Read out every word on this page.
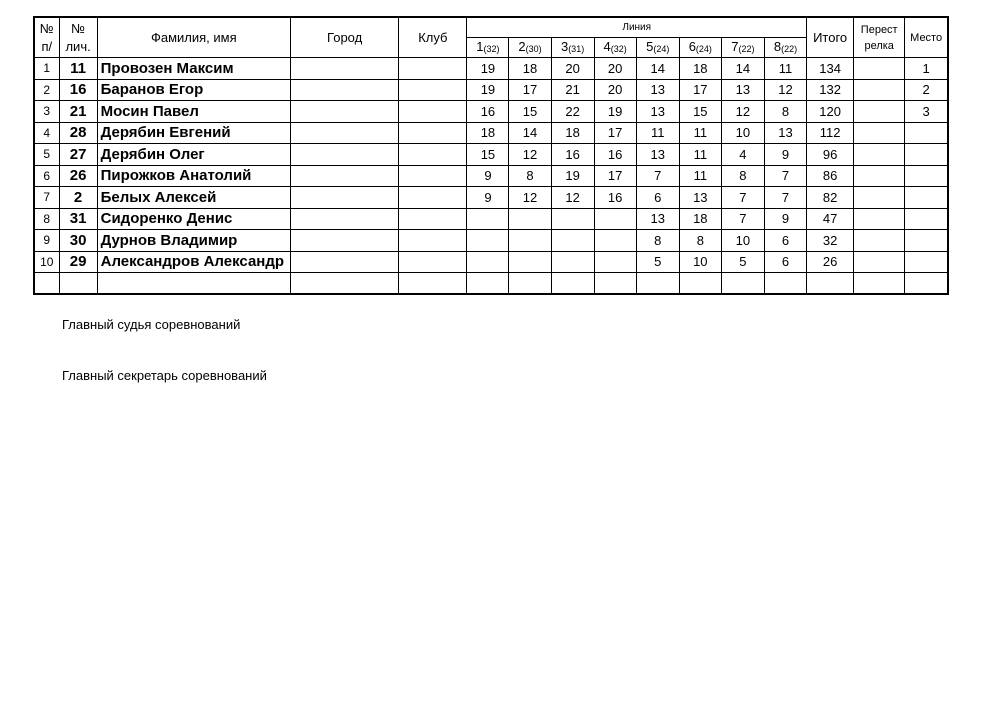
№ п/	№ лич.	Фамилия, имя	Город	Клуб	Линия								Итого	Перест релка	Место
					$1_{(32)}$	$2_{(30)}$	$3_{(31)}$	$4_{(32)}$	$5_{(24)}$	$6_{(24)}$	$7_{(22)}$	$8_{(22)}$
1	11	Провозен Максим			19	18	20	20	14	18	14	11	134		1
2	16	Баранов Егор			19	17	21	20	13	17	13	12	132		2
3	21	Мосин Павел			16	15	22	19	13	15	12	8	120		3
4	28	Дерябин Евгений			18	14	18	17	11	11	10	13	112		
5	27	Дерябин Олег			15	12	16	16	13	11	4	9	96		
6	26	Пирожков Анатолий			9	8	19	17	7	11	8	7	86		
7	2	Белых Алексей			9	12	12	16	6	13	7	7	82		
8	31	Сидоренко Денис							13	18	7	9	47		
9	30	Дурнов Владимир							8	8	10	6	32		
10	29	Александров Александр							5	10	5	6	26		

Главный судья соревнований
Главный секретарь соревнований
